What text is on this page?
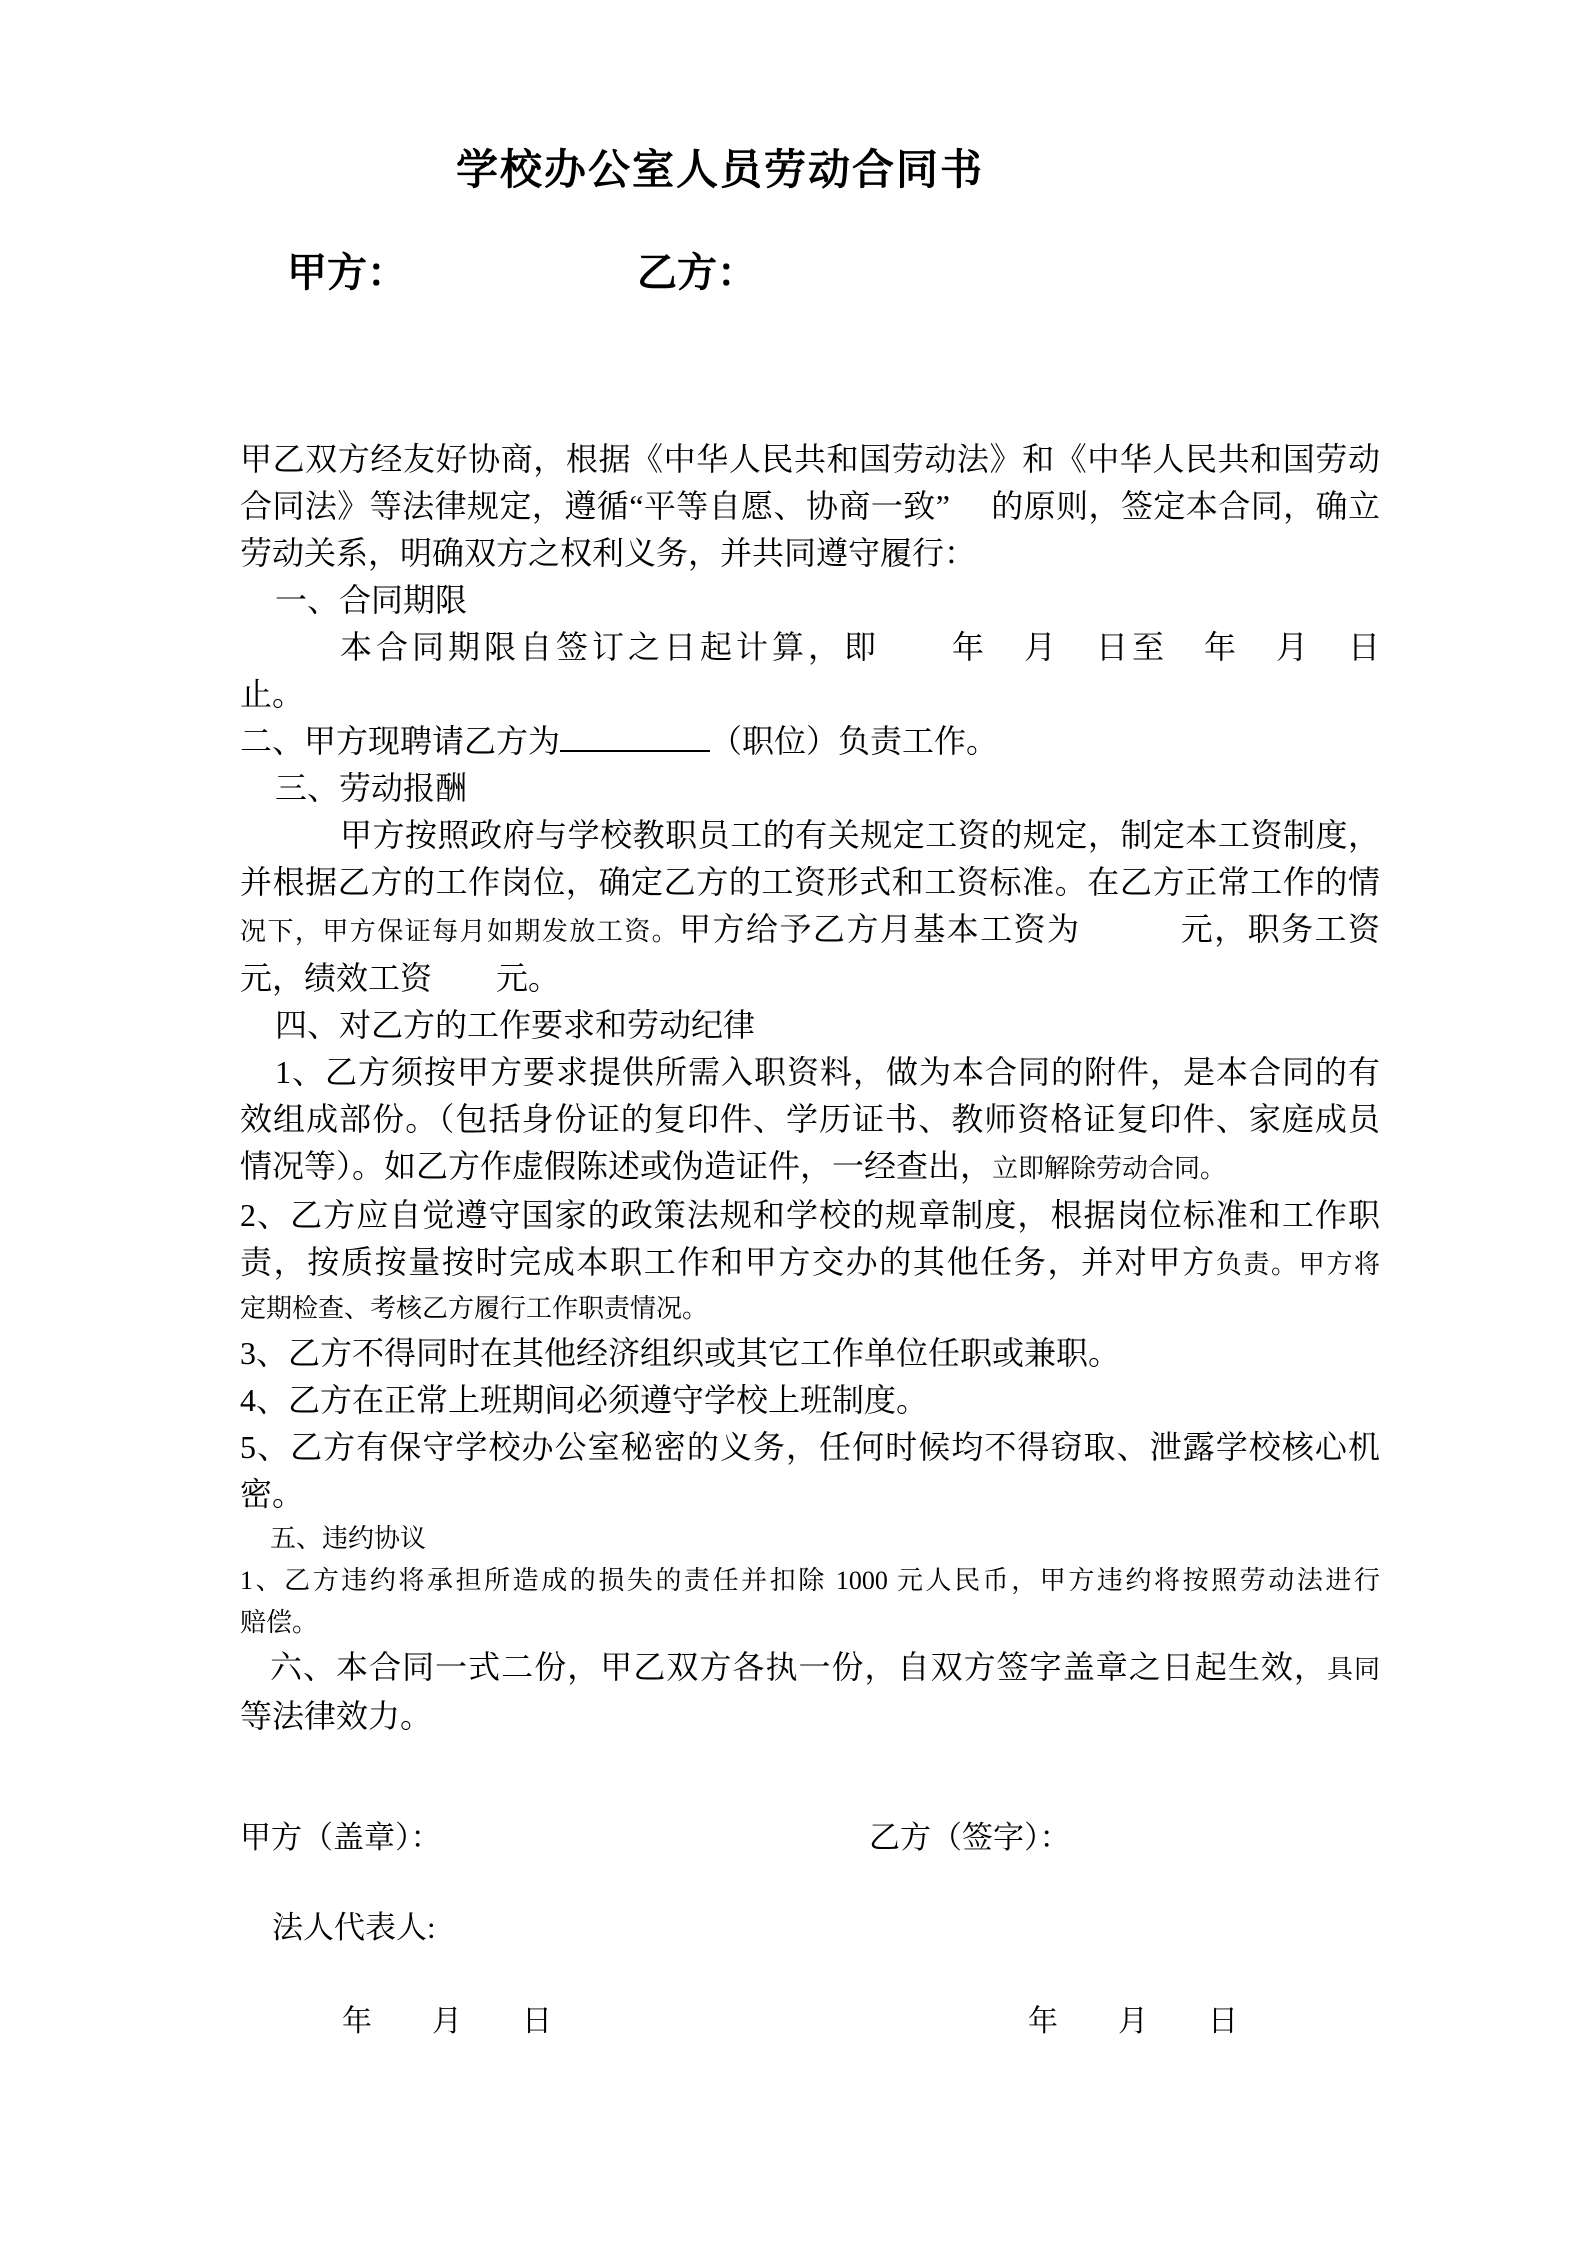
学校办公室人员劳动合同书
甲方：	乙方：

甲乙双方经友好协商，根据《中华人民共和国劳动法》和《中华人民共和国劳动

合同法》等法律规定，遵循“平等自愿、协商一致”　 的原则，签定本合同，确立

劳动关系，明确双方之权利义务，并共同遵守履行：

一、合同期限

本合同期限自签订之日起计算，即　　年　月　日至　年　月　日

止。

二、甲方现聘请乙方为	（职位）负责工作。

三、劳动报酬

甲方按照政府与学校教职员工的有关规定工资的规定，制定本工资制度，

并根据乙方的工作岗位，确定乙方的工资形式和工资标准。在乙方正常工作的情

况下，甲方保证每月如期发放工资。甲方给予乙方月基本工资为　　　元，职务工资

元，绩效工资　　元。

四、对乙方的工作要求和劳动纪律

1、乙方须按甲方要求提供所需入职资料，做为本合同的附件，是本合同的有

效组成部份。（包括身份证的复印件、学历证书、教师资格证复印件、家庭成员

情况等）。如乙方作虚假陈述或伪造证件，一经查出，立即解除劳动合同。

2、乙方应自觉遵守国家的政策法规和学校的规章制度，根据岗位标准和工作职

责，按质按量按时完成本职工作和甲方交办的其他任务，并对甲方负责。甲方将

定期检查、考核乙方履行工作职责情况。

3、乙方不得同时在其他经济组织或其它工作单位任职或兼职。

4、乙方在正常上班期间必须遵守学校上班制度。

5、乙方有保守学校办公室秘密的义务，任何时候均不得窃取、泄露学校核心机

密。

五、违约协议

1、乙方违约将承担所造成的损失的责任并扣除 1000 元人民币，甲方违约将按照劳动法进行

赔偿。

六、本合同一式二份，甲乙双方各执一份，自双方签字盖章之日起生效，具同

等法律效力。

甲方（盖章）：	乙方（签字）：
法人代表人:
年　　月　　日	年　　月　　日
